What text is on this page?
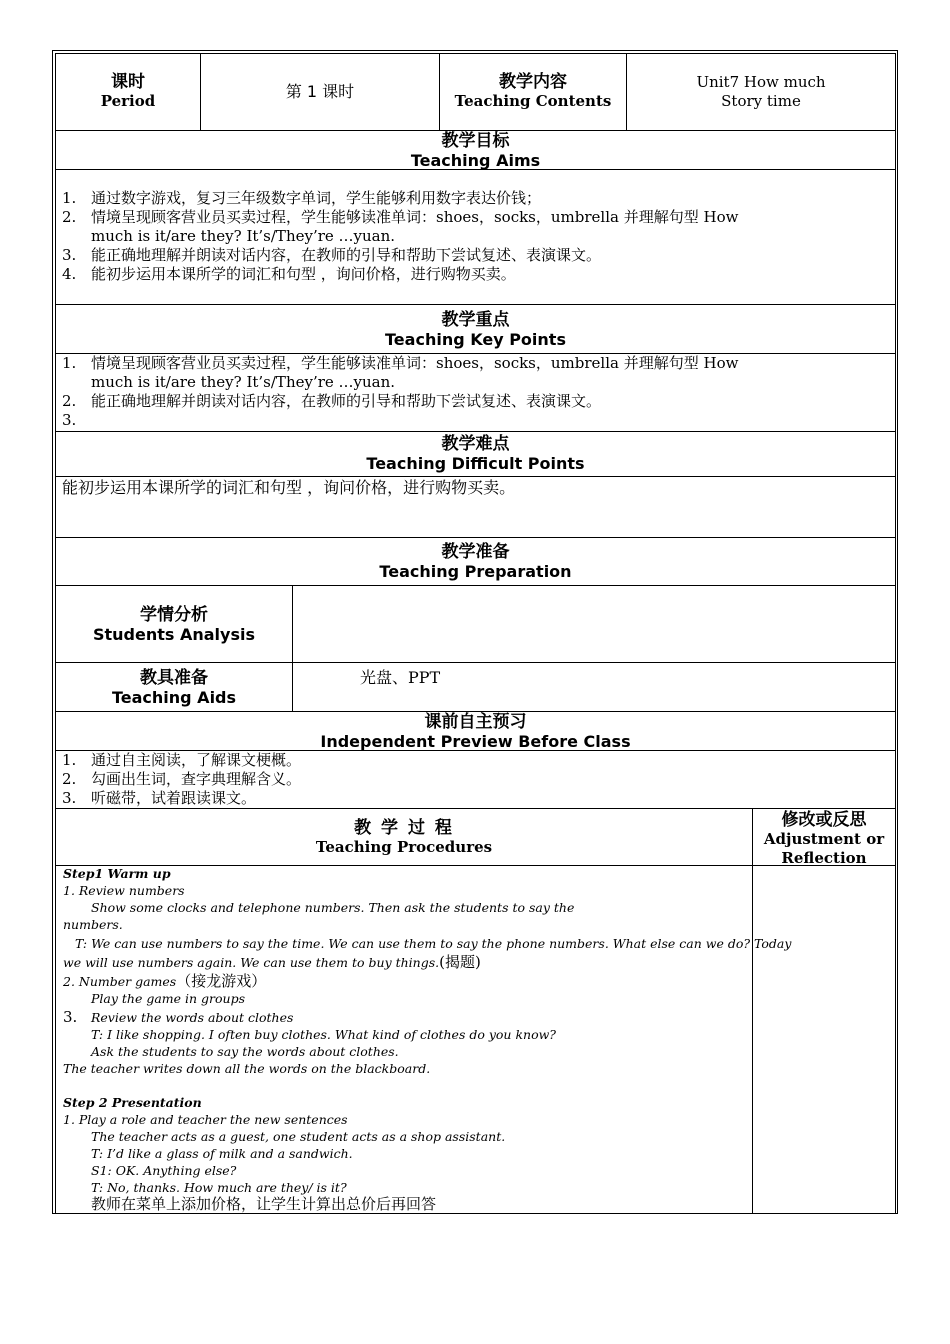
课时
Period	第 1 课时	教学内容
Teaching Contents
Unit7 How much
Story time
教学目标
Teaching Aims
1. 通过数字游戏，复习三年级数字单词，学生能够利用数字表达价钱；
2. 情境呈现顾客营业员买卖过程，学生能够读准单词：shoes，socks，umbrella 并理解句型 How
much is it/are they? It’s/They’re …yuan.
3. 能正确地理解并朗读对话内容，在教师的引导和帮助下尝试复述、表演课文。
4. 能初步运用本课所学的词汇和句型 ，询问价格，进行购物买卖。
教学重点
Teaching Key Points
1. 情境呈现顾客营业员买卖过程，学生能够读准单词：shoes，socks，umbrella 并理解句型 How
much is it/are they? It’s/They’re …yuan.
2. 能正确地理解并朗读对话内容，在教师的引导和帮助下尝试复述、表演课文。
3.
教学难点
Teaching Difficult Points
能初步运用本课所学的词汇和句型 ，询问价格，进行购物买卖。
教学准备
Teaching Preparation
学情分析
Students Analysis
教具准备
Teaching Aids
光盘、PPT
课前自主预习
Independent Preview Before Class
1. 通过自主阅读，了解课文梗概。
2. 勾画出生词，查字典理解含义。
3. 听磁带，试着跟读课文。
教 学 过 程
Teaching Procedures
修改或反思
Adjustment or
Reflection
Step1 Warm up
1. Review numbers
Show some clocks and telephone numbers. Then ask the students to say the
numbers.
T: We can use numbers to say the time. We can use them to say the phone numbers. What else can we do? Today
we will use numbers again. We can use them to buy things.(揭题)
2. Number games（接龙游戏）
Play the game in groups
3. Review the words about clothes
T: I like shopping. I often buy clothes. What kind of clothes do you know?
Ask the students to say the words about clothes.
The teacher writes down all the words on the blackboard.
Step 2 Presentation
1. Play a role and teacher the new sentences
The teacher acts as a guest, one student acts as a shop assistant.
T: I’d like a glass of milk and a sandwich.
S1: OK. Anything else?
T: No, thanks. How much are they/ is it?
教师在菜单上添加价格，让学生计算出总价后再回答
